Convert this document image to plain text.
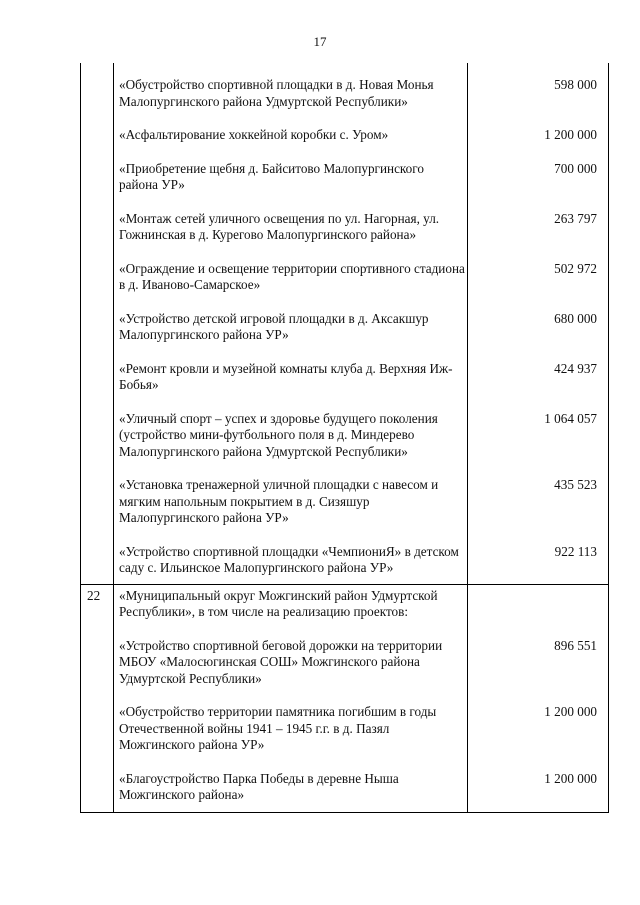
17
	«Обустройство спортивной площадки в д. Новая Монья Малопургинского района Удмуртской Республики»	598 000
	«Асфальтирование хоккейной коробки с. Уром»	1 200 000
	«Приобретение щебня д. Байситово Малопургинского района УР»	700 000
	«Монтаж сетей уличного освещения по ул. Нагорная, ул. Гожнинская в д. Курегово Малопургинского района»	263 797
	«Ограждение и освещение территории спортивного стадиона в д. Иваново-Самарское»	502 972
	«Устройство детской игровой площадки в д. Аксакшур Малопургинского района УР»	680 000
	«Ремонт кровли и музейной комнаты клуба д. Верхняя Иж-Бобья»	424 937
	«Уличный спорт – успех и здоровье будущего поколения (устройство мини-футбольного поля в д. Миндерево Малопургинского района Удмуртской Республики»	1 064 057
	«Установка тренажерной уличной площадки с навесом и мягким напольным покрытием в д. Сизяшур Малопургинского района УР»	435 523
	«Устройство спортивной площадки «ЧемпиониЯ» в детском саду с. Ильинское Малопургинского района УР»	922 113
22	«Муниципальный округ Можгинский район Удмуртской Республики», в том числе на реализацию проектов:	
	«Устройство спортивной беговой дорожки на территории МБОУ «Малосюгинская СОШ» Можгинского района Удмуртской Республики»	896 551
	«Обустройство территории памятника погибшим в годы Отечественной войны 1941 – 1945 г.г. в д. Пазял Можгинского района УР»	1 200 000
	«Благоустройство Парка Победы в деревне Ныша Можгинского района»	1 200 000
